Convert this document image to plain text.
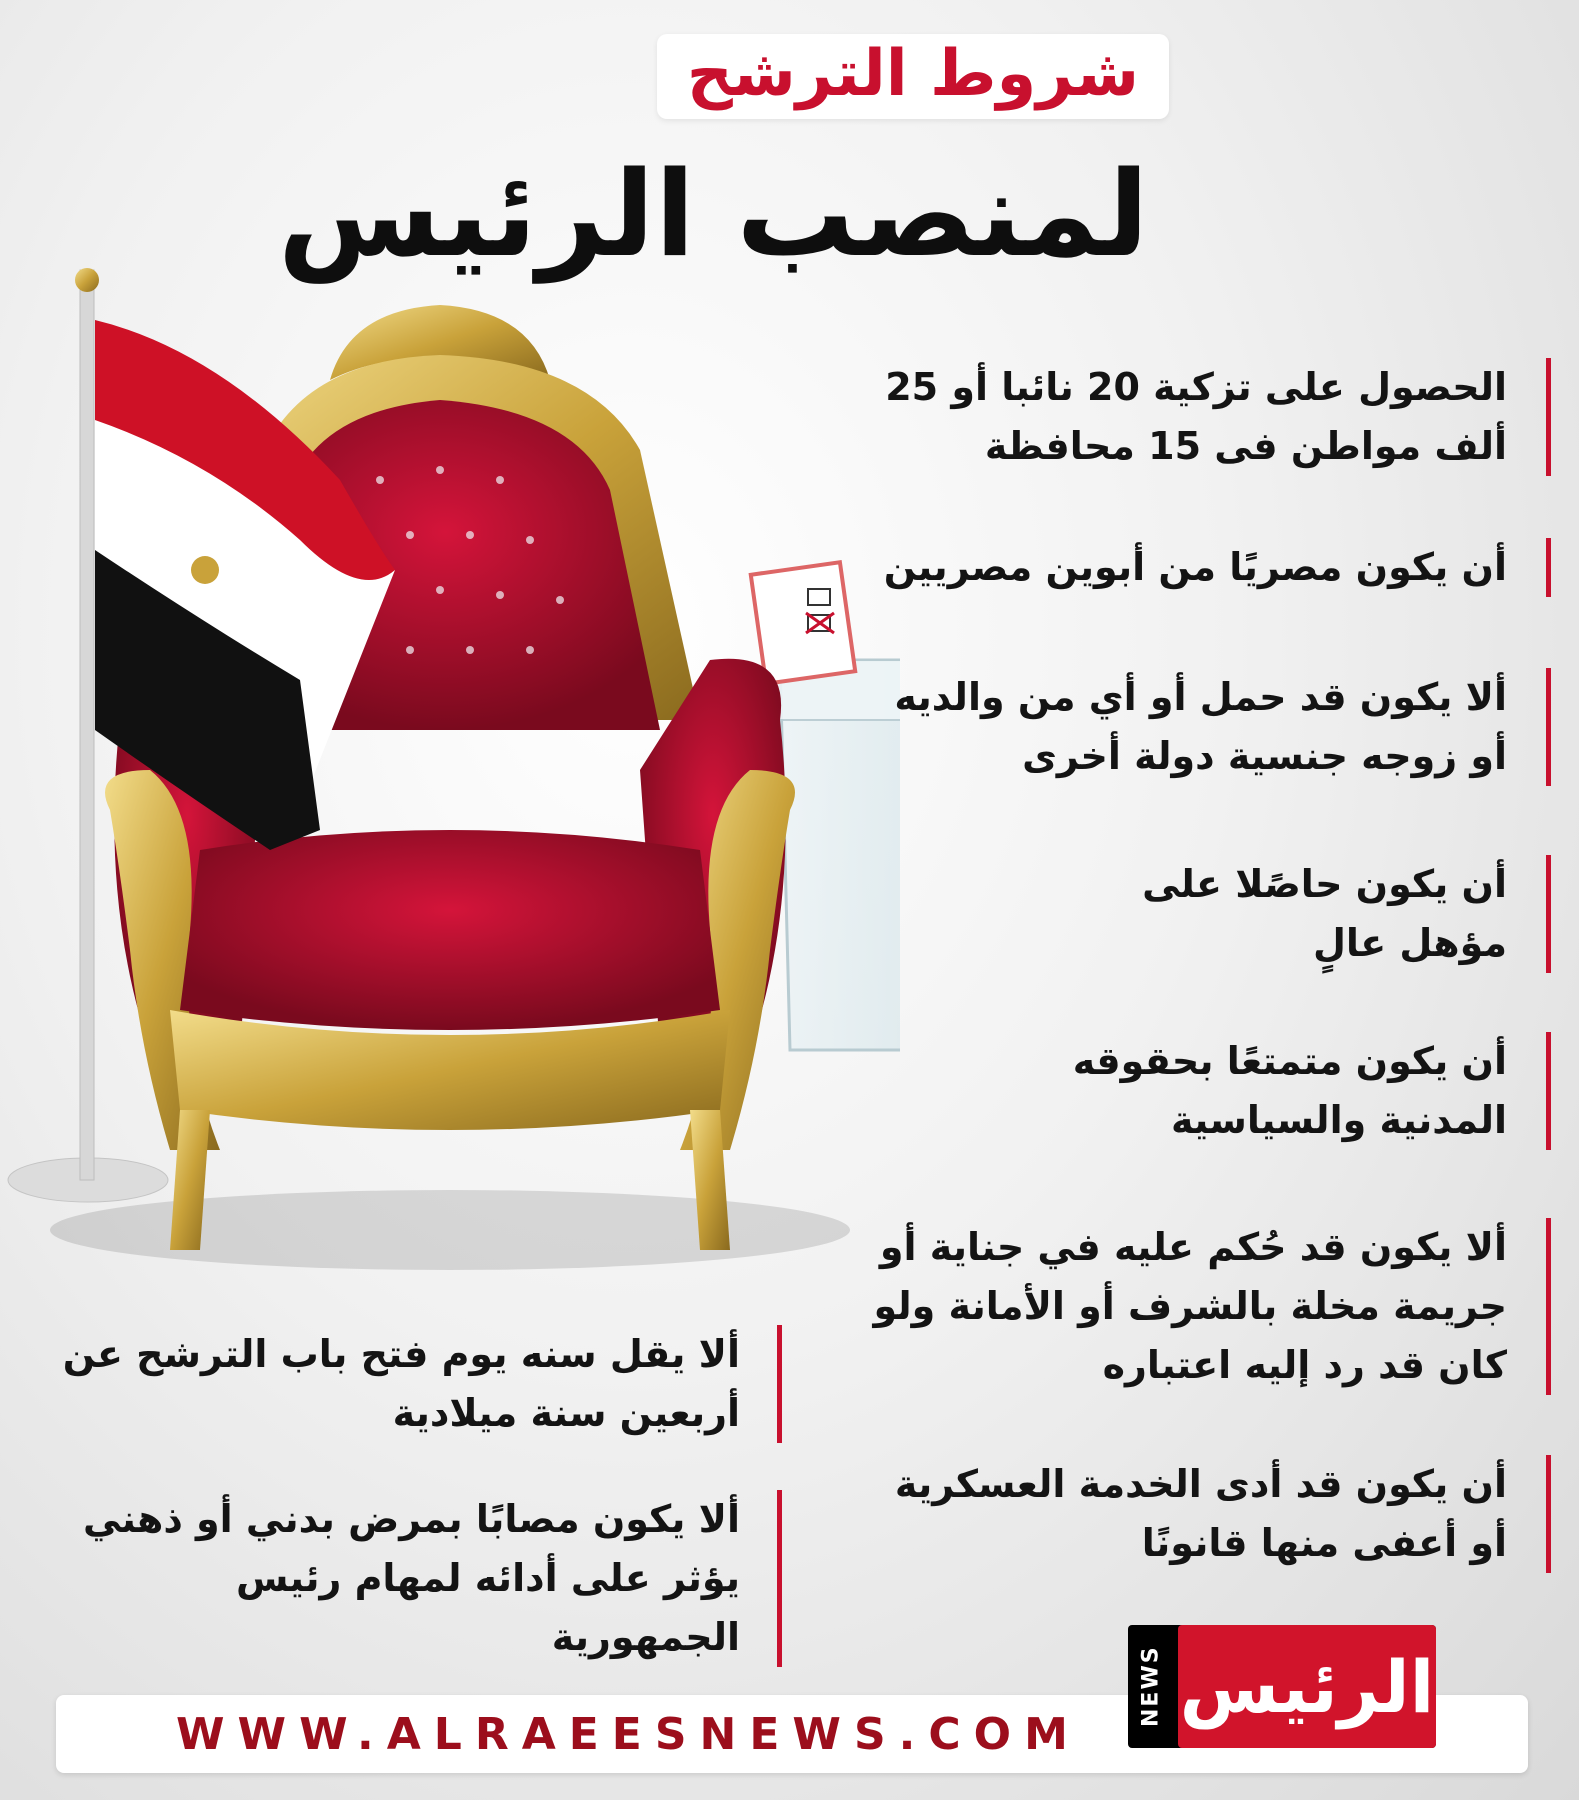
شروط الترشح
لمنصب الرئيس
الحصول على تزكية 20 نائبا أو 25
ألف مواطن فى 15 محافظة
أن يكون مصريًا من أبوين مصريين
ألا يكون قد حمل أو أي من والديه
أو زوجه جنسية دولة أخرى
أن يكون حاصًلا على
مؤهل عالٍ
أن يكون متمتعًا بحقوقه
المدنية والسياسية
ألا يكون قد حُكم عليه في جناية أو
جريمة مخلة بالشرف أو الأمانة ولو
كان قد رد إليه اعتباره
أن يكون قد أدى الخدمة العسكرية
أو أعفى منها قانونًا
ألا يقل سنه يوم فتح باب الترشح عن
أربعين سنة ميلادية
ألا يكون مصابًا بمرض بدني أو ذهني
يؤثر على أدائه لمهام رئيس الجمهورية
WWW.ALRAEESNEWS.COM
NEWS الرئيس
